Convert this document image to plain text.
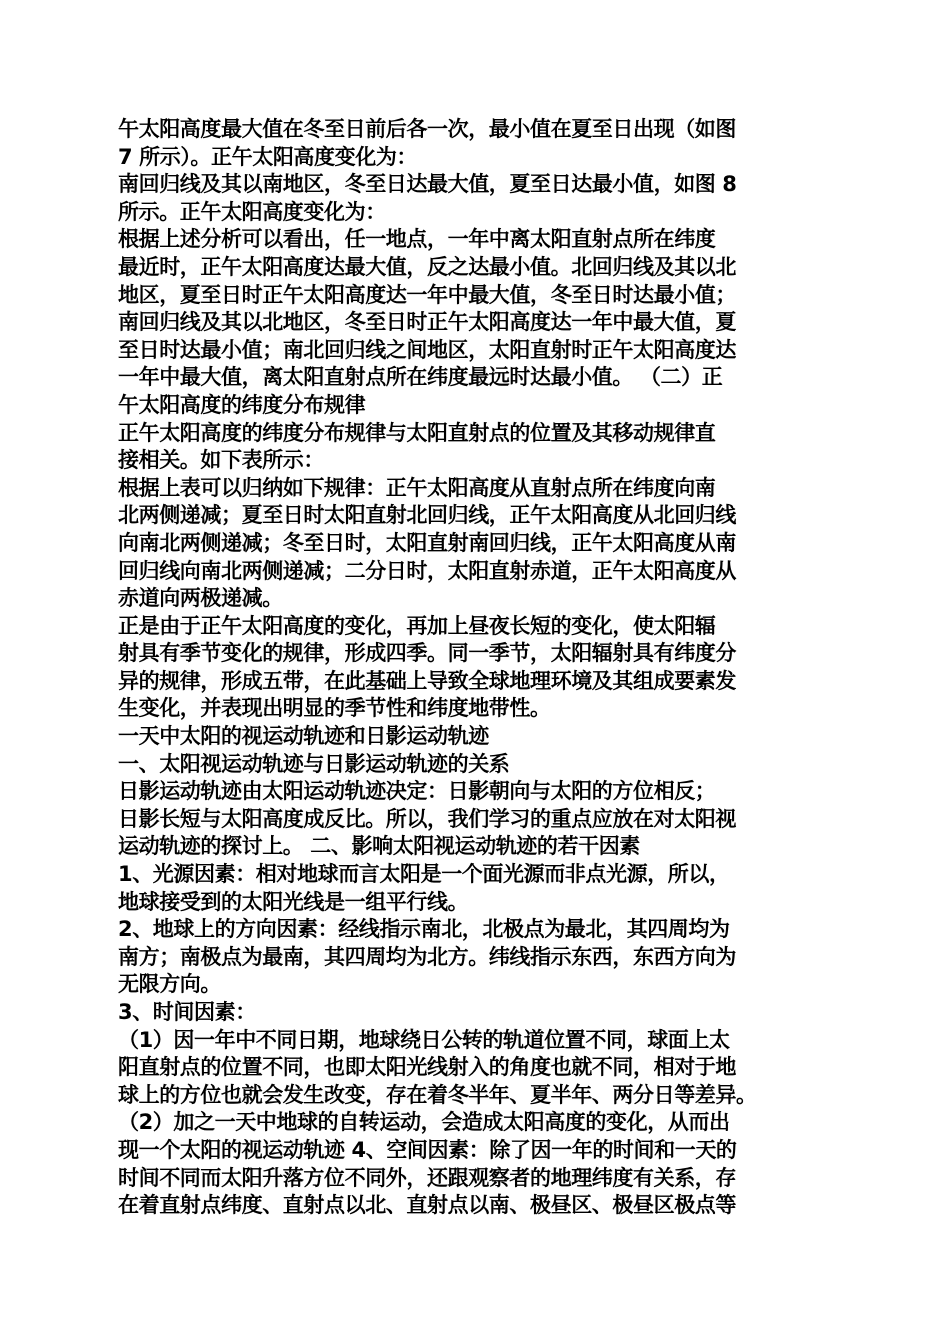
午太阳高度最大值在冬至日前后各一次，最小值在夏至日出现（如图
7 所示）。正午太阳高度变化为：
南回归线及其以南地区，冬至日达最大值，夏至日达最小值，如图 8
所示。正午太阳高度变化为：
根据上述分析可以看出，任一地点，一年中离太阳直射点所在纬度
最近时，正午太阳高度达最大值，反之达最小值。北回归线及其以北
地区，夏至日时正午太阳高度达一年中最大值，冬至日时达最小值；
南回归线及其以北地区，冬至日时正午太阳高度达一年中最大值，夏
至日时达最小值；南北回归线之间地区，太阳直射时正午太阳高度达
一年中最大值，离太阳直射点所在纬度最远时达最小值。 （二）正
午太阳高度的纬度分布规律
正午太阳高度的纬度分布规律与太阳直射点的位置及其移动规律直
接相关。如下表所示：
根据上表可以归纳如下规律：正午太阳高度从直射点所在纬度向南
北两侧递减；夏至日时太阳直射北回归线，正午太阳高度从北回归线
向南北两侧递减；冬至日时，太阳直射南回归线，正午太阳高度从南
回归线向南北两侧递减；二分日时，太阳直射赤道，正午太阳高度从
赤道向两极递减。
正是由于正午太阳高度的变化，再加上昼夜长短的变化，使太阳辐
射具有季节变化的规律，形成四季。同一季节，太阳辐射具有纬度分
异的规律，形成五带，在此基础上导致全球地理环境及其组成要素发
生变化，并表现出明显的季节性和纬度地带性。
一天中太阳的视运动轨迹和日影运动轨迹
一、太阳视运动轨迹与日影运动轨迹的关系
日影运动轨迹由太阳运动轨迹决定：日影朝向与太阳的方位相反；
日影长短与太阳高度成反比。所以，我们学习的重点应放在对太阳视
运动轨迹的探讨上。 二、影响太阳视运动轨迹的若干因素
1、光源因素：相对地球而言太阳是一个面光源而非点光源，所以，
地球接受到的太阳光线是一组平行线。
2、地球上的方向因素：经线指示南北，北极点为最北，其四周均为
南方；南极点为最南，其四周均为北方。纬线指示东西，东西方向为
无限方向。
3、时间因素：
（1）因一年中不同日期，地球绕日公转的轨道位置不同，球面上太
阳直射点的位置不同，也即太阳光线射入的角度也就不同，相对于地
球上的方位也就会发生改变，存在着冬半年、夏半年、两分日等差异。
（2）加之一天中地球的自转运动，会造成太阳高度的变化，从而出
现一个太阳的视运动轨迹 4、空间因素：除了因一年的时间和一天的
时间不同而太阳升落方位不同外，还跟观察者的地理纬度有关系，存
在着直射点纬度、直射点以北、直射点以南、极昼区、极昼区极点等
